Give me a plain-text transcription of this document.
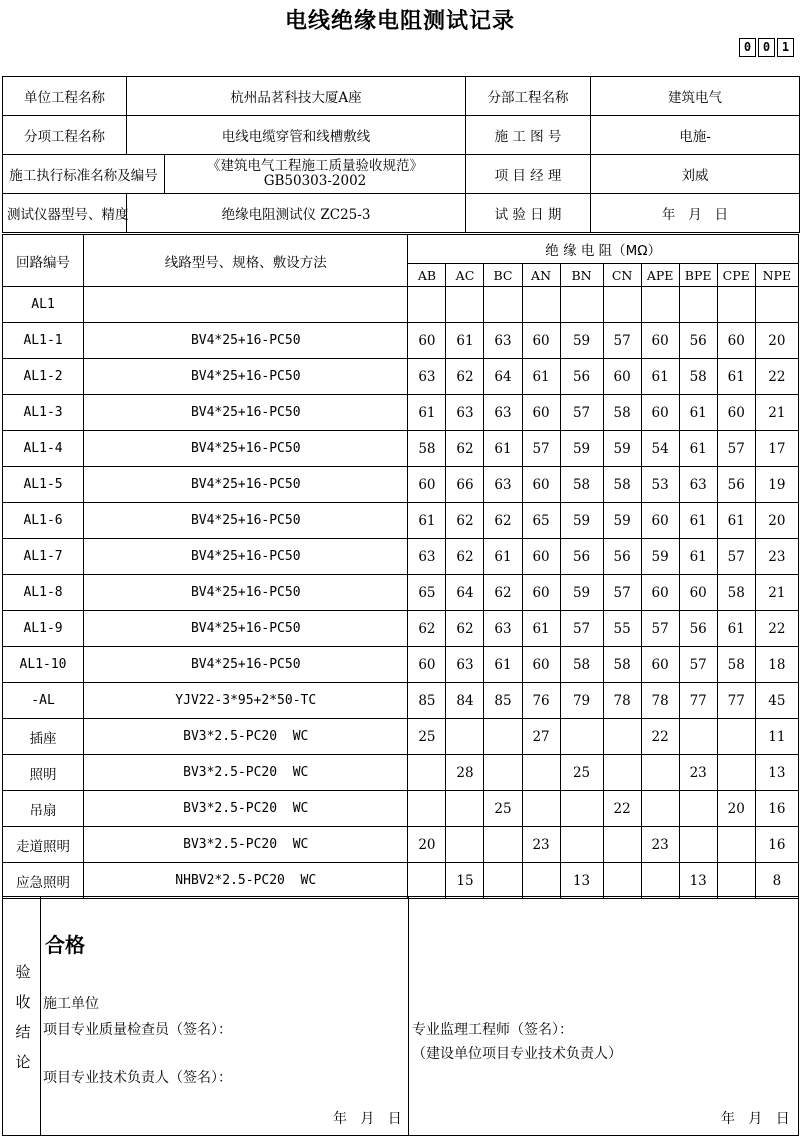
电线绝缘电阻测试记录
0 0 1
单位工程名称	杭州品茗科技大厦A座		分部工程名称	建筑电气
分项工程名称	电线电缆穿管和线槽敷线		施 工 图 号	电施-
施工执行标准名称及编号		《建筑电气工程施工质量验收规范》
GB50303-2002	项 目 经 理	刘威
测试仪器型号、精度	绝缘电阻测试仪 ZC25-3		试 验 日 期	年   月   日
回路编号	线路型号、规格、敷设方法	绝 缘 电 阻（MΩ）									
		AB	AC	BC	AN	BN	CN	APE	BPE	CPE	NPE
AL1											
AL1-1	BV4*25+16-PC50	60	61	63	60	59	57	60	56	60	20
AL1-2	BV4*25+16-PC50	63	62	64	61	56	60	61	58	61	22
AL1-3	BV4*25+16-PC50	61	63	63	60	57	58	60	61	60	21
AL1-4	BV4*25+16-PC50	58	62	61	57	59	59	54	61	57	17
AL1-5	BV4*25+16-PC50	60	66	63	60	58	58	53	63	56	19
AL1-6	BV4*25+16-PC50	61	62	62	65	59	59	60	61	61	20
AL1-7	BV4*25+16-PC50	63	62	61	60	56	56	59	61	57	23
AL1-8	BV4*25+16-PC50	65	64	62	60	59	57	60	60	58	21
AL1-9	BV4*25+16-PC50	62	62	63	61	57	55	57	56	61	22
AL1-10	BV4*25+16-PC50	60	63	61	60	58	58	60	57	58	18
-AL	YJV22-3*95+2*50-TC	85	84	85	76	79	78	78	77	77	45
插座	BV3*2.5-PC20  WC	25			27			22			11
照明	BV3*2.5-PC20  WC		28			25			23		13
吊扇	BV3*2.5-PC20  WC			25			22			20	16
走道照明	BV3*2.5-PC20  WC	20			23			23			16
应急照明	NHBV2*2.5-PC20  WC		15			13			13		8
验
收
结
论
合格
施工单位
项目专业质量检查员（签名）：
项目专业技术负责人（签名）：
年   月   日
专业监理工程师（签名）：
（建设单位项目专业技术负责人）
年   月   日
